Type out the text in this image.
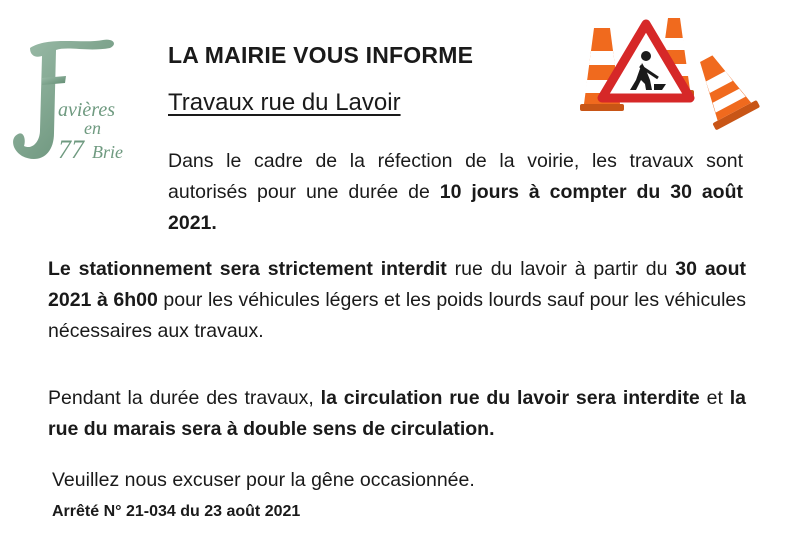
avières
en
77 Brie
LA MAIRIE VOUS INFORME
Travaux rue du Lavoir
Dans le cadre de la réfection de la voirie, les travaux sont autorisés pour une durée de 10 jours à compter du 30 août 2021.
Le stationnement sera strictement interdit rue du lavoir à partir du 30 aout 2021 à 6h00 pour les véhicules légers et les poids lourds sauf pour les véhicules nécessaires aux travaux.
Pendant la durée des travaux, la circulation rue du lavoir sera interdite et la rue du marais sera à double sens de circulation.
Veuillez nous excuser pour la gêne occasionnée.
Arrêté N° 21-034 du 23 août 2021
